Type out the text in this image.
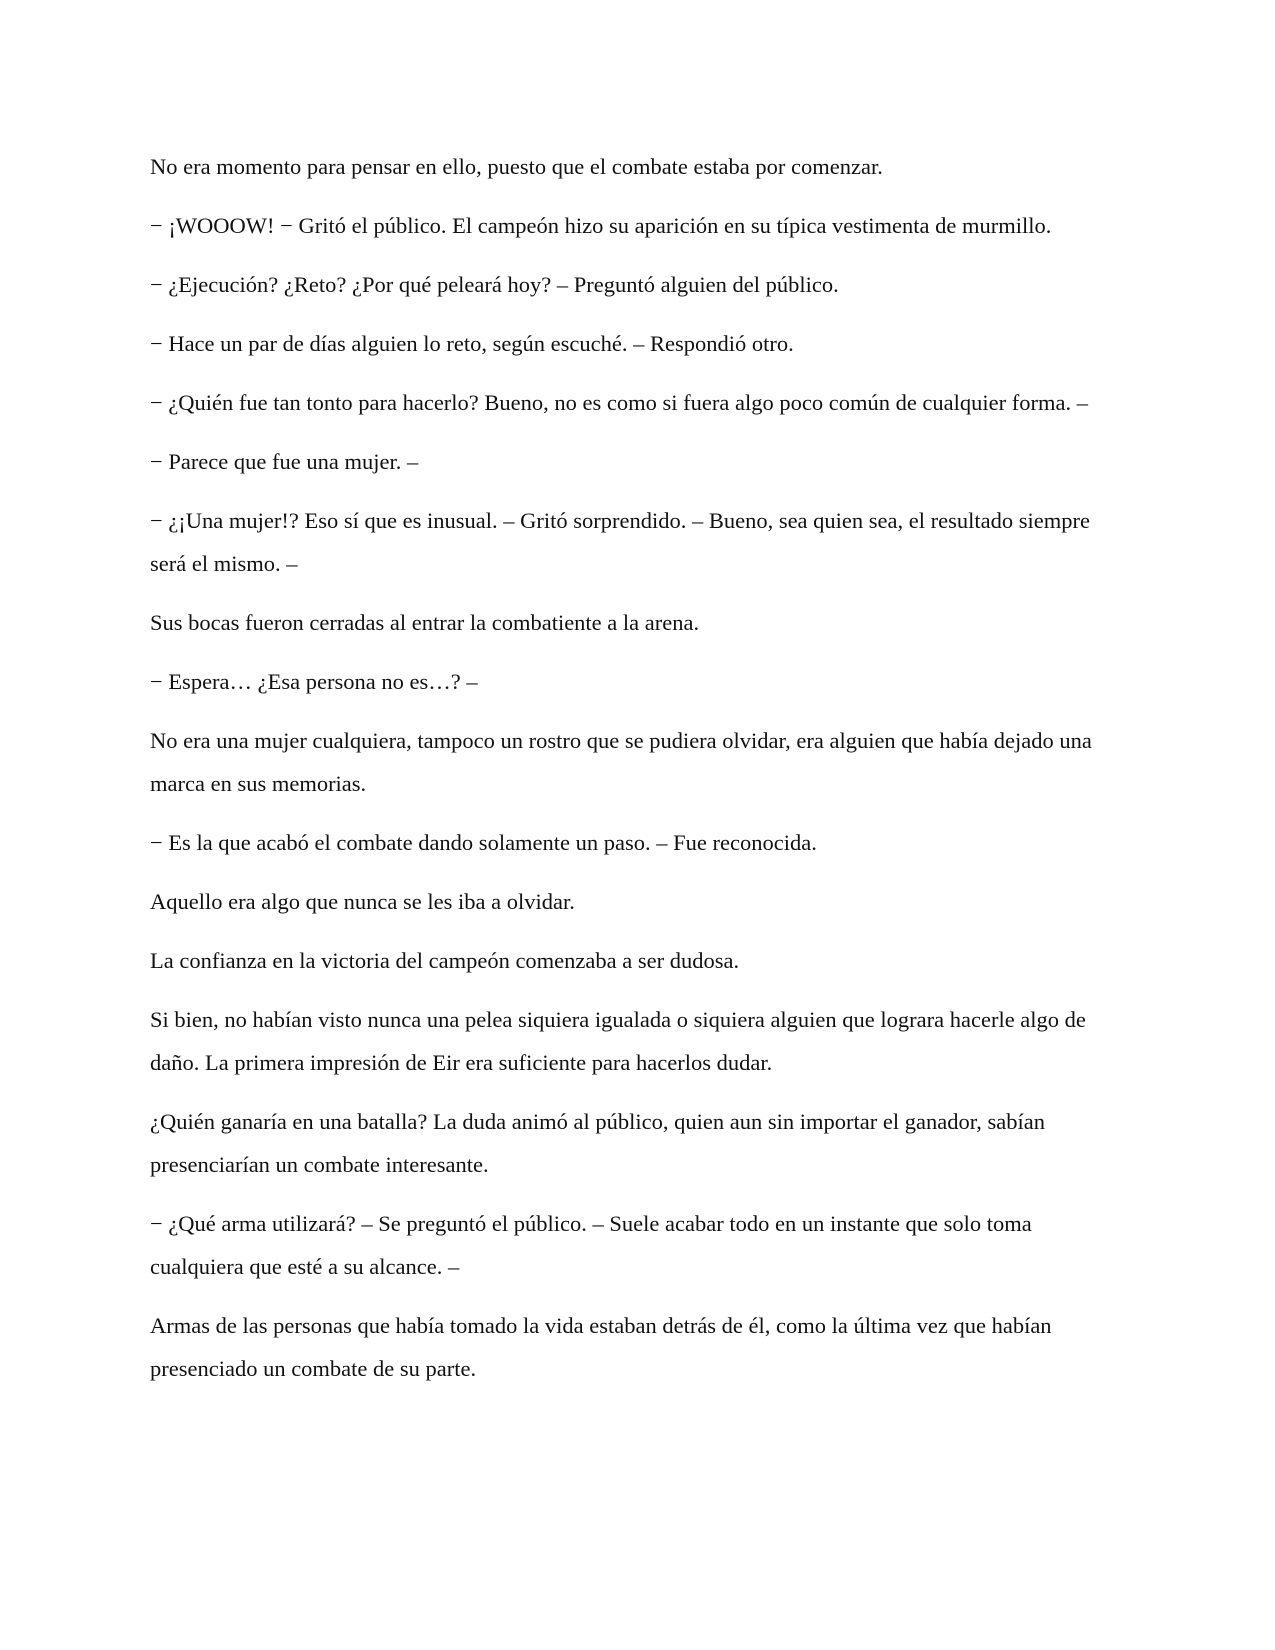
No era momento para pensar en ello, puesto que el combate estaba por comenzar.

− ¡WOOOW! − Gritó el público. El campeón hizo su aparición en su típica vestimenta de murmillo.

− ¿Ejecución? ¿Reto? ¿Por qué peleará hoy? – Preguntó alguien del público.

− Hace un par de días alguien lo reto, según escuché. – Respondió otro.

− ¿Quién fue tan tonto para hacerlo? Bueno, no es como si fuera algo poco común de cualquier forma. –

− Parece que fue una mujer. –

− ¿¡Una mujer!? Eso sí que es inusual. – Gritó sorprendido. – Bueno, sea quien sea, el resultado siempre será el mismo. –

Sus bocas fueron cerradas al entrar la combatiente a la arena.

− Espera… ¿Esa persona no es…? –

No era una mujer cualquiera, tampoco un rostro que se pudiera olvidar, era alguien que había dejado una marca en sus memorias.

− Es la que acabó el combate dando solamente un paso. – Fue reconocida.

Aquello era algo que nunca se les iba a olvidar.

La confianza en la victoria del campeón comenzaba a ser dudosa.

Si bien, no habían visto nunca una pelea siquiera igualada o siquiera alguien que lograra hacerle algo de daño. La primera impresión de Eir era suficiente para hacerlos dudar.

¿Quién ganaría en una batalla? La duda animó al público, quien aun sin importar el ganador, sabían presenciarían un combate interesante.

− ¿Qué arma utilizará? – Se preguntó el público. – Suele acabar todo en un instante que solo toma cualquiera que esté a su alcance. –

Armas de las personas que había tomado la vida estaban detrás de él, como la última vez que habían presenciado un combate de su parte.
